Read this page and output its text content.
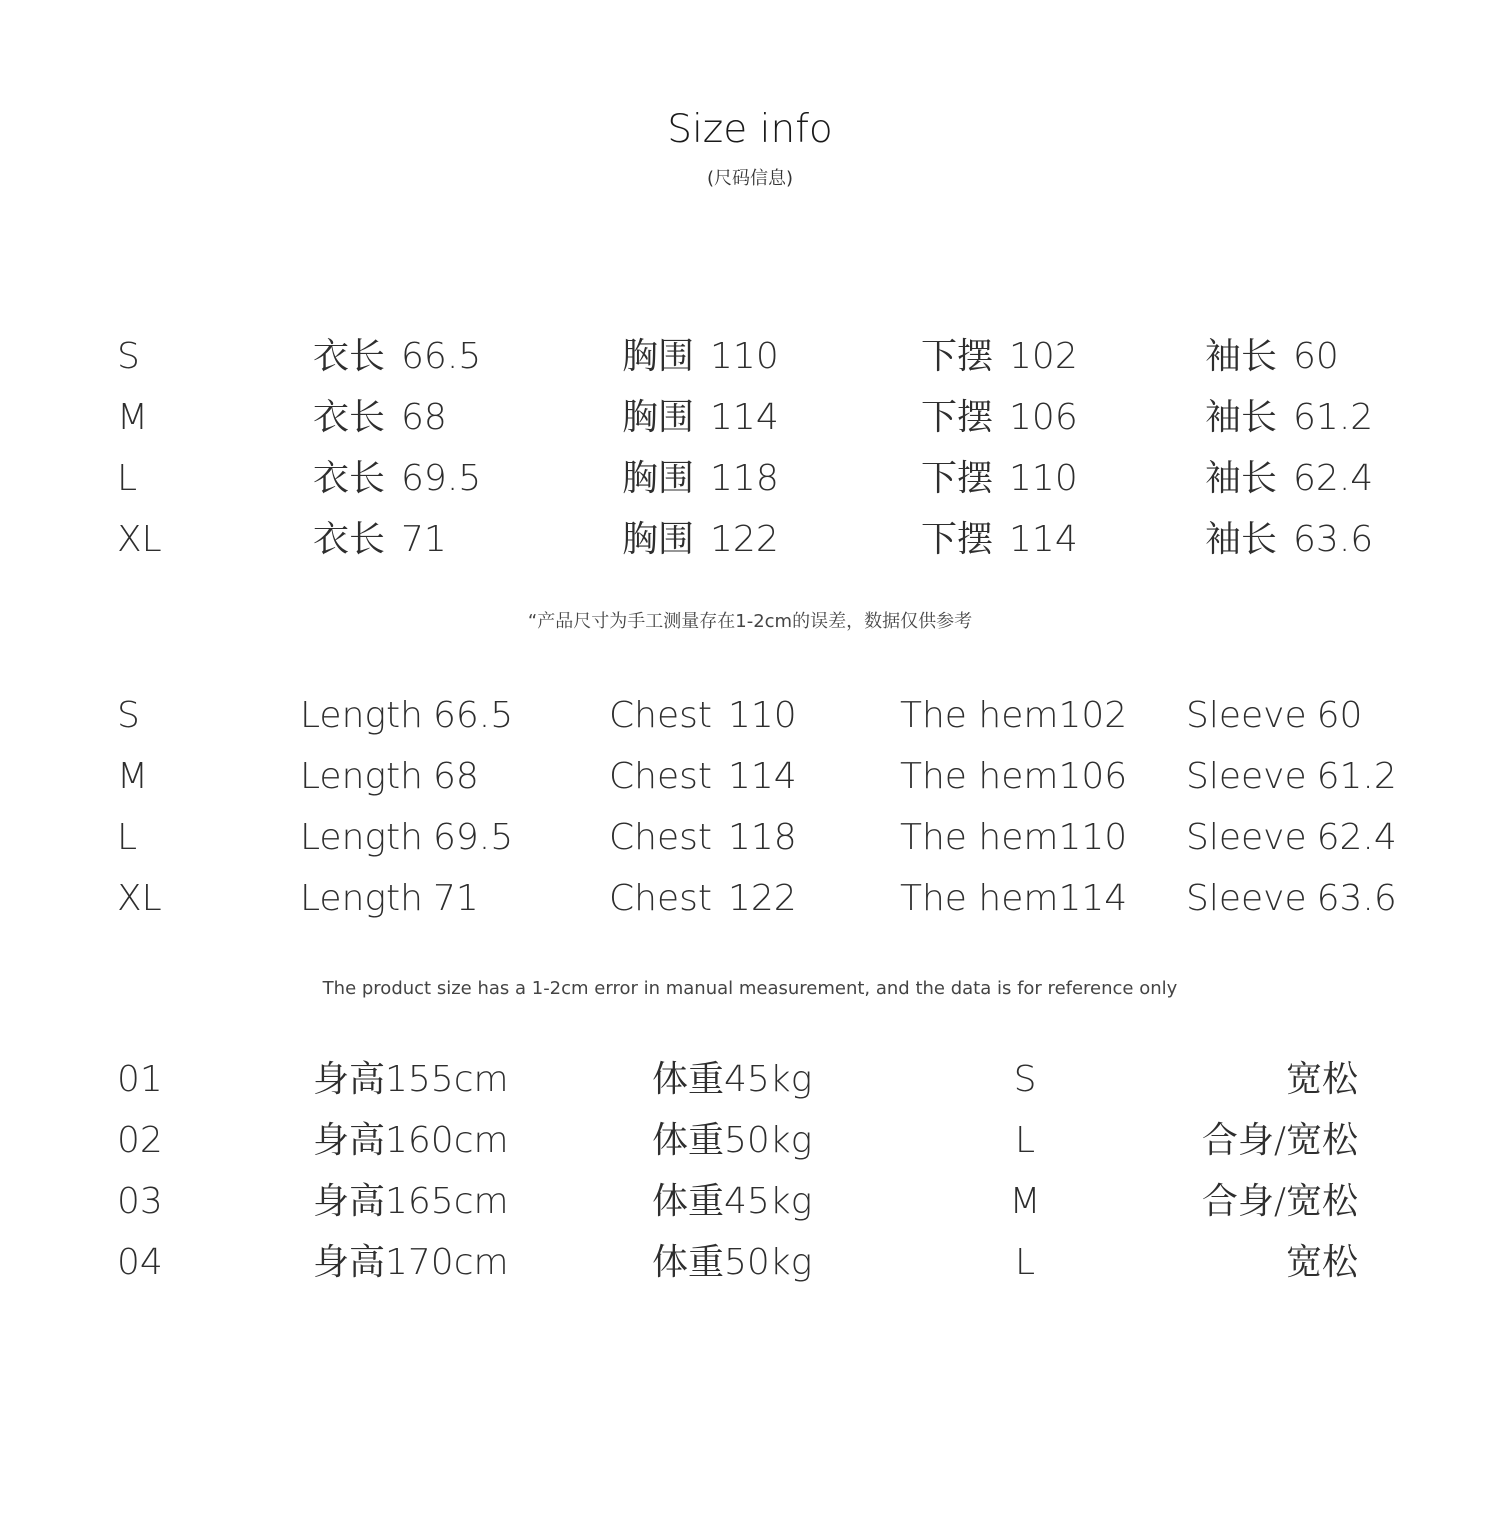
Size info
(尺码信息)
S	衣长 66.5	胸围 110	下摆 102	袖长 60
M	衣长 68	胸围 114	下摆 106	袖长 61.2
L	衣长 69.5	胸围 118	下摆 110	袖长 62.4
XL	衣长 71	胸围 122	下摆 114	袖长 63.6
“产品尺寸为手工测量存在1-2cm的误差，数据仅供参考
S	Length 66.5	Chest 110	The hem102 Sleeve 60
M	Length 68	Chest 114	The hem106 Sleeve 61.2
L	Length 69.5	Chest 118	The hem110 Sleeve 62.4
XL	Length 71	Chest 122	The hem114 Sleeve 63.6
The product size has a 1-2cm error in manual measurement, and the data is for reference only
01	身高155cm	体重45kg	S	宽松
02	身高160cm	体重50kg	L	合身/宽松
03	身高165cm	体重45kg	M	合身/宽松
04	身高170cm	体重50kg	L	宽松
